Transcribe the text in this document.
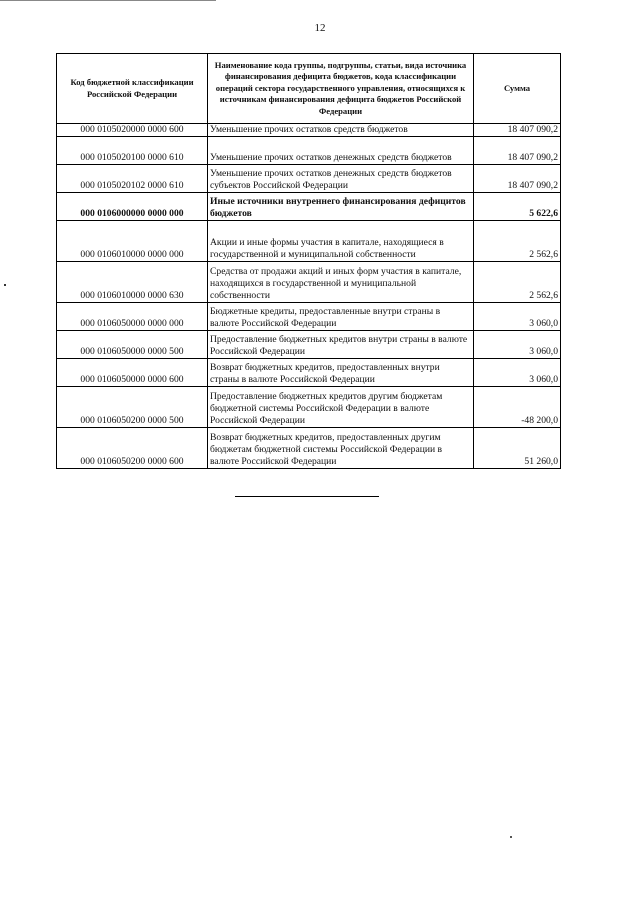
12
Код бюджетной классификации Российской Федерации	Наименование кода группы, подгруппы, статьи, вида источника финансирования дефицита бюджетов, кода классификации операций сектора государственного управления, относящихся к источникам финансирования дефицита бюджетов Российской Федерации	Сумма
000 0105020000 0000 600	Уменьшение прочих остатков средств бюджетов	18 407 090,2
000 0105020100 0000 610	Уменьшение прочих остатков денежных средств бюджетов	18 407 090,2
000 0105020102 0000 610	Уменьшение прочих остатков денежных средств бюджетов субъектов Российской Федерации	18 407 090,2
000 0106000000 0000 000	Иные источники внутреннего финансирования дефицитов бюджетов	5 622,6
000 0106010000 0000 000	Акции и иные формы участия в капитале, находящиеся в государственной и муниципальной собственности	2 562,6
000 0106010000 0000 630	Средства от продажи акций и иных форм участия в капитале, находящихся в государственной и муниципальной собственности	2 562,6
000 0106050000 0000 000	Бюджетные кредиты, предоставленные внутри страны в валюте Российской Федерации	3 060,0
000 0106050000 0000 500	Предоставление бюджетных кредитов внутри страны в валюте Российской Федерации	3 060,0
000 0106050000 0000 600	Возврат бюджетных кредитов, предоставленных внутри страны в валюте Российской Федерации	3 060,0
000 0106050200 0000 500	Предоставление бюджетных кредитов другим бюджетам бюджетной системы Российской Федерации в валюте Российской Федерации	-48 200,0
000 0106050200 0000 600	Возврат бюджетных кредитов, предоставленных другим бюджетам бюджетной системы Российской Федерации в валюте Российской Федерации	51 260,0
